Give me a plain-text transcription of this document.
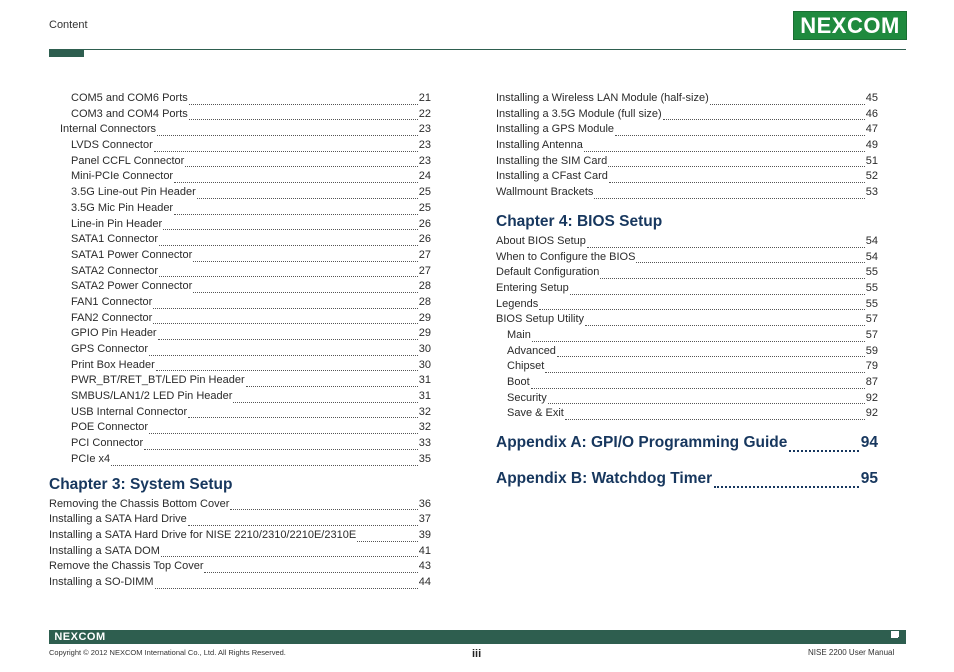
Content	NEXCOM
COM5 and COM6 Ports	21
COM3 and COM4 Ports	22
Internal Connectors	23
LVDS Connector	23
Panel CCFL Connector	23
Mini-PCIe Connector	24
3.5G Line-out Pin Header	25
3.5G Mic Pin Header	25
Line-in Pin Header	26
SATA1 Connector	26
SATA1 Power Connector	27
SATA2 Connector	27
SATA2 Power Connector	28
FAN1 Connector	28
FAN2 Connector	29
GPIO Pin Header	29
GPS Connector	30
Print Box Header	30
PWR_BT/RET_BT/LED Pin Header	31
SMBUS/LAN1/2 LED Pin Header	31
USB Internal Connector	32
POE Connector	32
PCI Connector	33
PCIe x4	35
Chapter 3: System Setup
Removing the Chassis Bottom Cover	36
Installing a SATA Hard Drive	37
Installing a SATA Hard Drive for NISE 2210/2310/2210E/2310E	39
Installing a SATA DOM	41
Remove the Chassis Top Cover	43
Installing a SO-DIMM	44
Installing a Wireless LAN Module (half-size)	45
Installing a 3.5G Module (full size)	46
Installing a GPS Module	47
Installing Antenna	49
Installing the SIM Card	51
Installing a CFast Card	52
Wallmount Brackets	53
Chapter 4: BIOS Setup
About BIOS Setup	54
When to Configure the BIOS	54
Default Configuration	55
Entering Setup	55
Legends	55
BIOS Setup Utility	57
Main	57
Advanced	59
Chipset	79
Boot	87
Security	92
Save & Exit	92
Appendix A: GPI/O Programming Guide	94
Appendix B: Watchdog Timer	95
NEXCOM
Copyright © 2012 NEXCOM International Co., Ltd. All Rights Reserved.	iii	NISE 2200 User Manual
